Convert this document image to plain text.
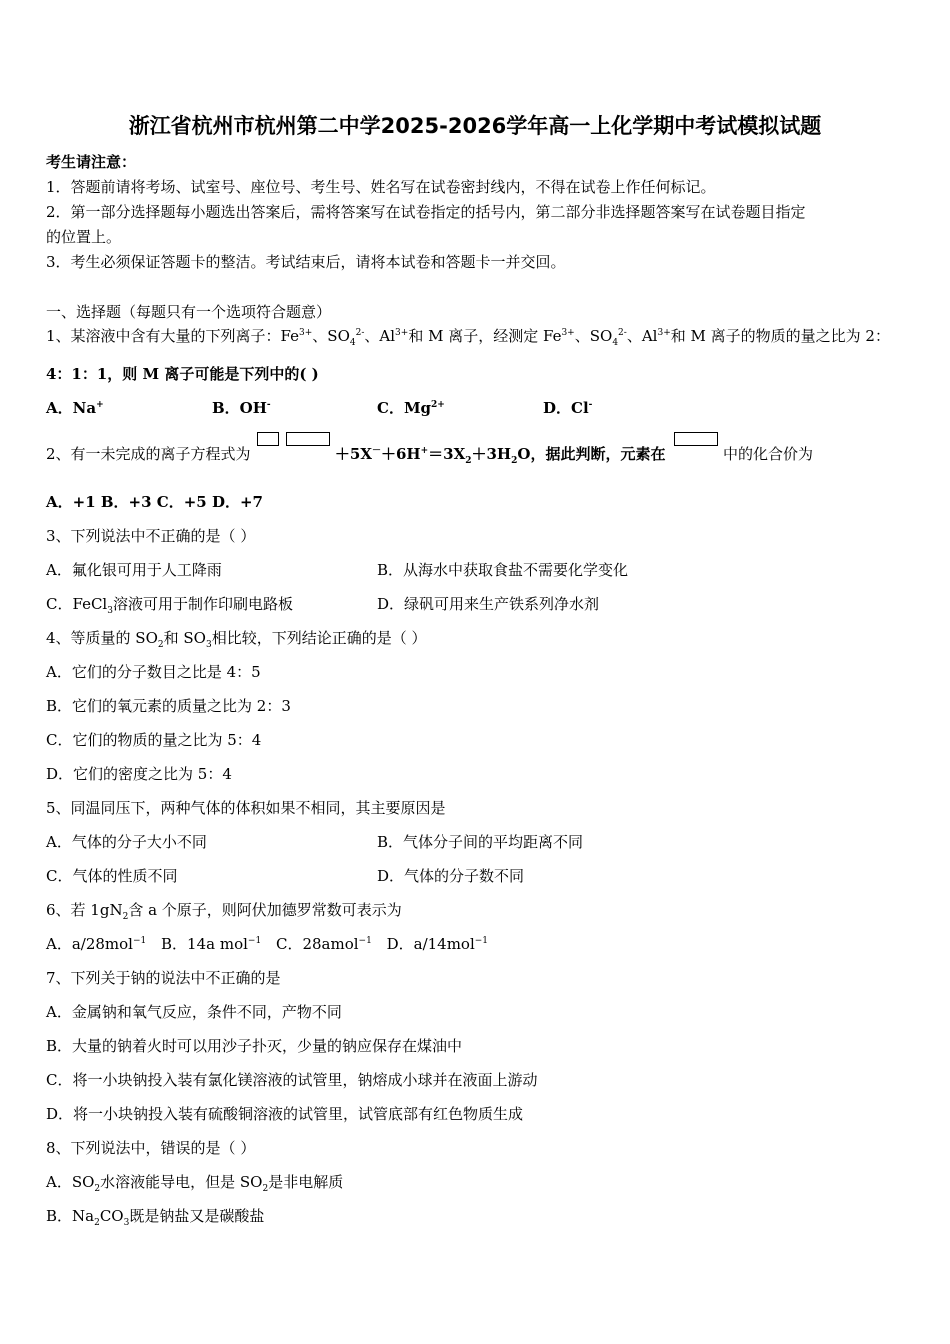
浙江省杭州市杭州第二中学2025-2026学年高一上化学期中考试模拟试题
考生请注意：
1．答题前请将考场、试室号、座位号、考生号、姓名写在试卷密封线内，不得在试卷上作任何标记。
2．第一部分选择题每小题选出答案后，需将答案写在试卷指定的括号内，第二部分非选择题答案写在试卷题目指定
的位置上。
3．考生必须保证答题卡的整洁。考试结束后，请将本试卷和答题卡一并交回。
一、选择题（每题只有一个选项符合题意）
1、某溶液中含有大量的下列离子：$Fe^{3+}$、$SO_4^{2-}$、$Al^{3+}$和 M 离子，经测定 $Fe^{3+}$、$SO_4^{2-}$、$Al^{3+}$和 M 离子的物质的量之比为 2：
4：1：1，则 M 离子可能是下列中的( )
A．Na+	B．OH-	C．$Mg^{2+}$	D．Cl-
2、有一未完成的离子方程式为	$+5X^-+6H^+=3X_2+3H_2O$，据此判断，元素在	中的化合价为
A．+1 B．+3 C．+5 D．+7
3、下列说法中不正确的是（ ）
A．氟化银可用于人工降雨	B．从海水中获取食盐不需要化学变化
C．FeCl$_3$溶液可用于制作印刷电路板	D．绿矾可用来生产铁系列净水剂
4、等质量的 $SO_2$和 $SO_3$相比较，下列结论正确的是（ ）
A．它们的分子数目之比是 4：5
B．它们的氧元素的质量之比为 2：3
C．它们的物质的量之比为 5：4
D．它们的密度之比为 5：4
5、同温同压下，两种气体的体积如果不相同，其主要原因是
A．气体的分子大小不同	B．气体分子间的平均距离不同
C．气体的性质不同	D．气体的分子数不同
6、若 $1gN_2$含 a 个原子，则阿伏加德罗常数可表示为
A．a/28mol$^{-1}$ B．14a mol$^{-1}$ C．28amol$^{-1}$ D．a/14mol$^{-1}$
7、下列关于钠的说法中不正确的是
A．金属钠和氧气反应，条件不同，产物不同
B．大量的钠着火时可以用沙子扑灭，少量的钠应保存在煤油中
C．将一小块钠投入装有氯化镁溶液的试管里，钠熔成小球并在液面上游动
D．将一小块钠投入装有硫酸铜溶液的试管里，试管底部有红色物质生成
8、下列说法中，错误的是（ ）
A．$SO_2$水溶液能导电，但是 $SO_2$是非电解质
B．$Na_2CO_3$既是钠盐又是碳酸盐
